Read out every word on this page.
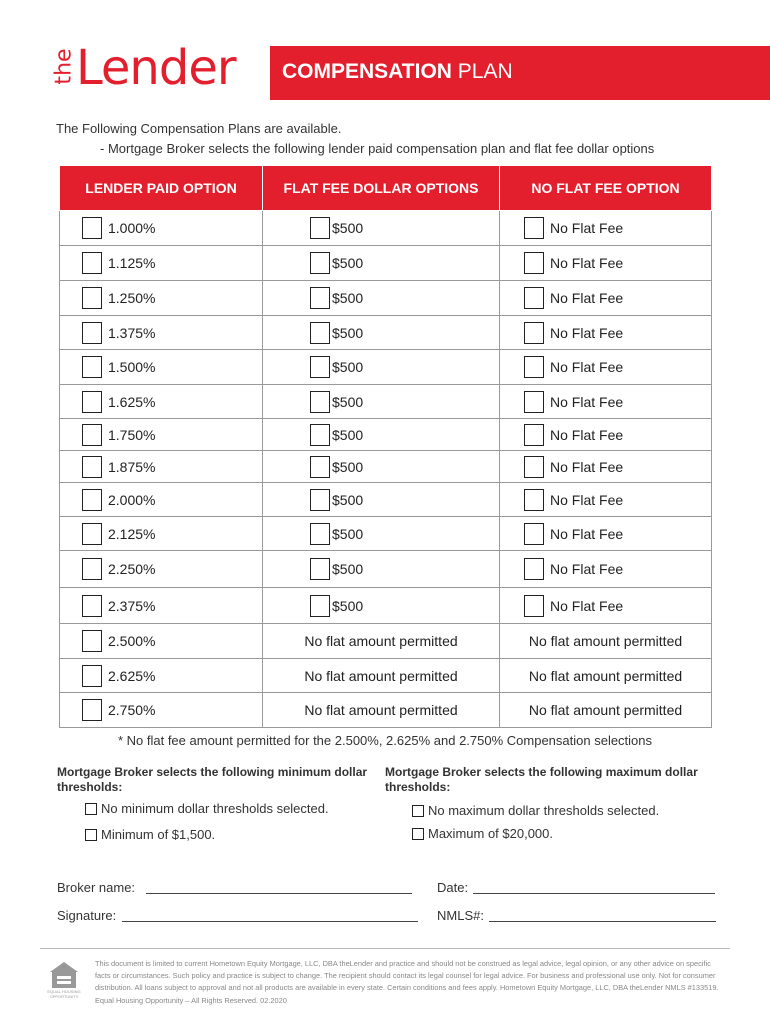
the Lender COMPENSATION PLAN
The Following Compensation Plans are available.
- Mortgage Broker selects the following lender paid compensation plan and flat fee dollar options
LENDER PAID OPTION	FLAT FEE DOLLAR OPTIONS	NO FLAT FEE OPTION

1.000%	$500	No Flat Fee

1.125%	$500	No Flat Fee

1.250%	$500	No Flat Fee

1.375%	$500	No Flat Fee

1.500%	$500	No Flat Fee

1.625%	$500	No Flat Fee

1.750%	$500	No Flat Fee

1.875%	$500	No Flat Fee

2.000%	$500	No Flat Fee

2.125%	$500	No Flat Fee

2.250%	$500	No Flat Fee

2.375%	$500	No Flat Fee

2.500%	No flat amount permitted	No flat amount permitted

2.625%	No flat amount permitted	No flat amount permitted

2.750%	No flat amount permitted	No flat amount permitted
* No flat fee amount permitted for the 2.500%, 2.625% and 2.750% Compensation selections
Mortgage Broker selects the following minimum dollar thresholds:
Mortgage Broker selects the following maximum dollar thresholds:
No minimum dollar thresholds selected.
Minimum of $1,500.
No maximum dollar thresholds selected.
Maximum of $20,000.
Broker name:	Date:
Signature:	NMLS#:
EQUAL HOUSING
OPPORTUNITY
This document is limited to current Hometown Equity Mortgage, LLC, DBA theLender and practice and should not be construed as legal advice, legal opinion, or any other advice on specific facts or circumstances. Such policy and practice is subject to change. The recipient should contact its legal counsel for legal advice. For business and professional use only. Not for consumer distribution. All loans subject to approval and not all products are available in every state. Certain conditions and fees apply. Hometown Equity Mortgage, LLC, DBA theLender NMLS #133519. Equal Housing Opportunity – All Rights Reserved. 02.2020
